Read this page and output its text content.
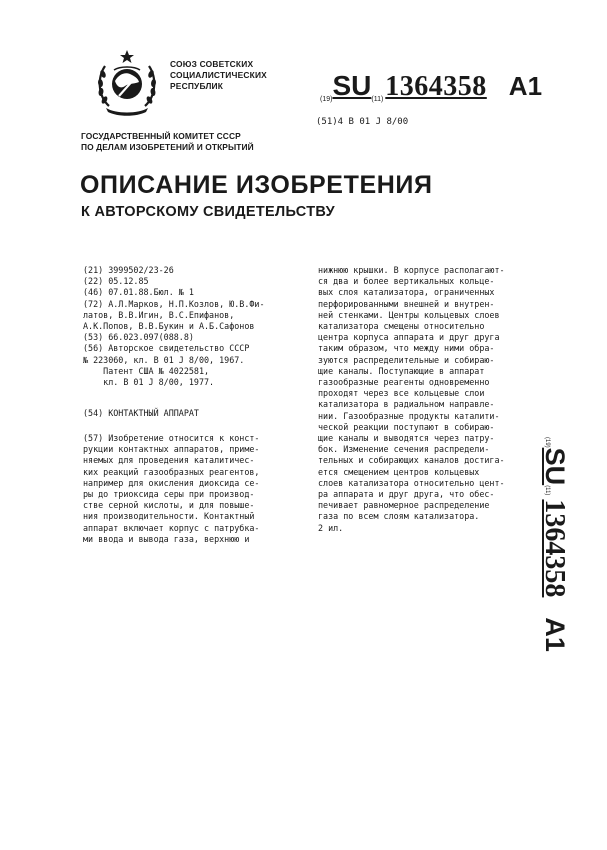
СОЮЗ СОВЕТСКИХ
СОЦИАЛИСТИЧЕСКИХ
РЕСПУБЛИК
(19)SU(11)1364358 A1
(51)4 B 01 J 8/00
ГОСУДАРСТВЕННЫЙ КОМИТЕТ СССР
ПО ДЕЛАМ ИЗОБРЕТЕНИЙ И ОТКРЫТИЙ
ОПИСАНИЕ ИЗОБРЕТЕНИЯ
К АВТОРСКОМУ СВИДЕТЕЛЬСТВУ
(21) 3999502/23-26
(22) 05.12.85
(46) 07.01.88.Бюл. № 1
(72) А.Л.Марков, Н.П.Козлов, Ю.В.Фи-
латов, В.В.Игин, В.С.Епифанов,
А.К.Попов, В.В.Букин и А.Б.Сафонов
(53) 66.023.097(088.8)
(56) Авторское свидетельство СССР
№ 223060, кл. В 01 J 8/00, 1967.
Патент США № 4022581,
кл. В 01 J 8/00, 1977.
(54) КОНТАКТНЫЙ АППАРАТ
(57) Изобретение относится к конст-
рукции контактных аппаратов, приме-
няемых для проведения каталитичес-
ких реакций газообразных реагентов,
например для окисления диоксида се-
ры до триоксида серы при производ-
стве серной кислоты, и для повыше-
ния производительности. Контактный
аппарат включает корпус с патрубка-
ми ввода и вывода газа, верхнюю и
нижнюю крышки. В корпусе располагают-
ся два и более вертикальных кольце-
вых слоя катализатора, ограниченных
перфорированными внешней и внутрен-
ней стенками. Центры кольцевых слоев
катализатора смещены относительно
центра корпуса аппарата и друг друга
таким образом, что между ними обра-
зуются распределительные и собираю-
щие каналы. Поступающие в аппарат
газообразные реагенты одновременно
проходят через все кольцевые слои
катализатора в радиальном направле-
нии. Газообразные продукты каталити-
ческой реакции поступают в собираю-
щие каналы и выводятся через патру-
бок. Изменение сечения распредели-
тельных и собирающих каналов достига-
ется смещением центров кольцевых
слоев катализатора относительно цент-
ра аппарата и друг друга, что обес-
печивает равномерное распределение
газа по всем слоям катализатора.
2 ил.
(19)SU(11)1364358A1
